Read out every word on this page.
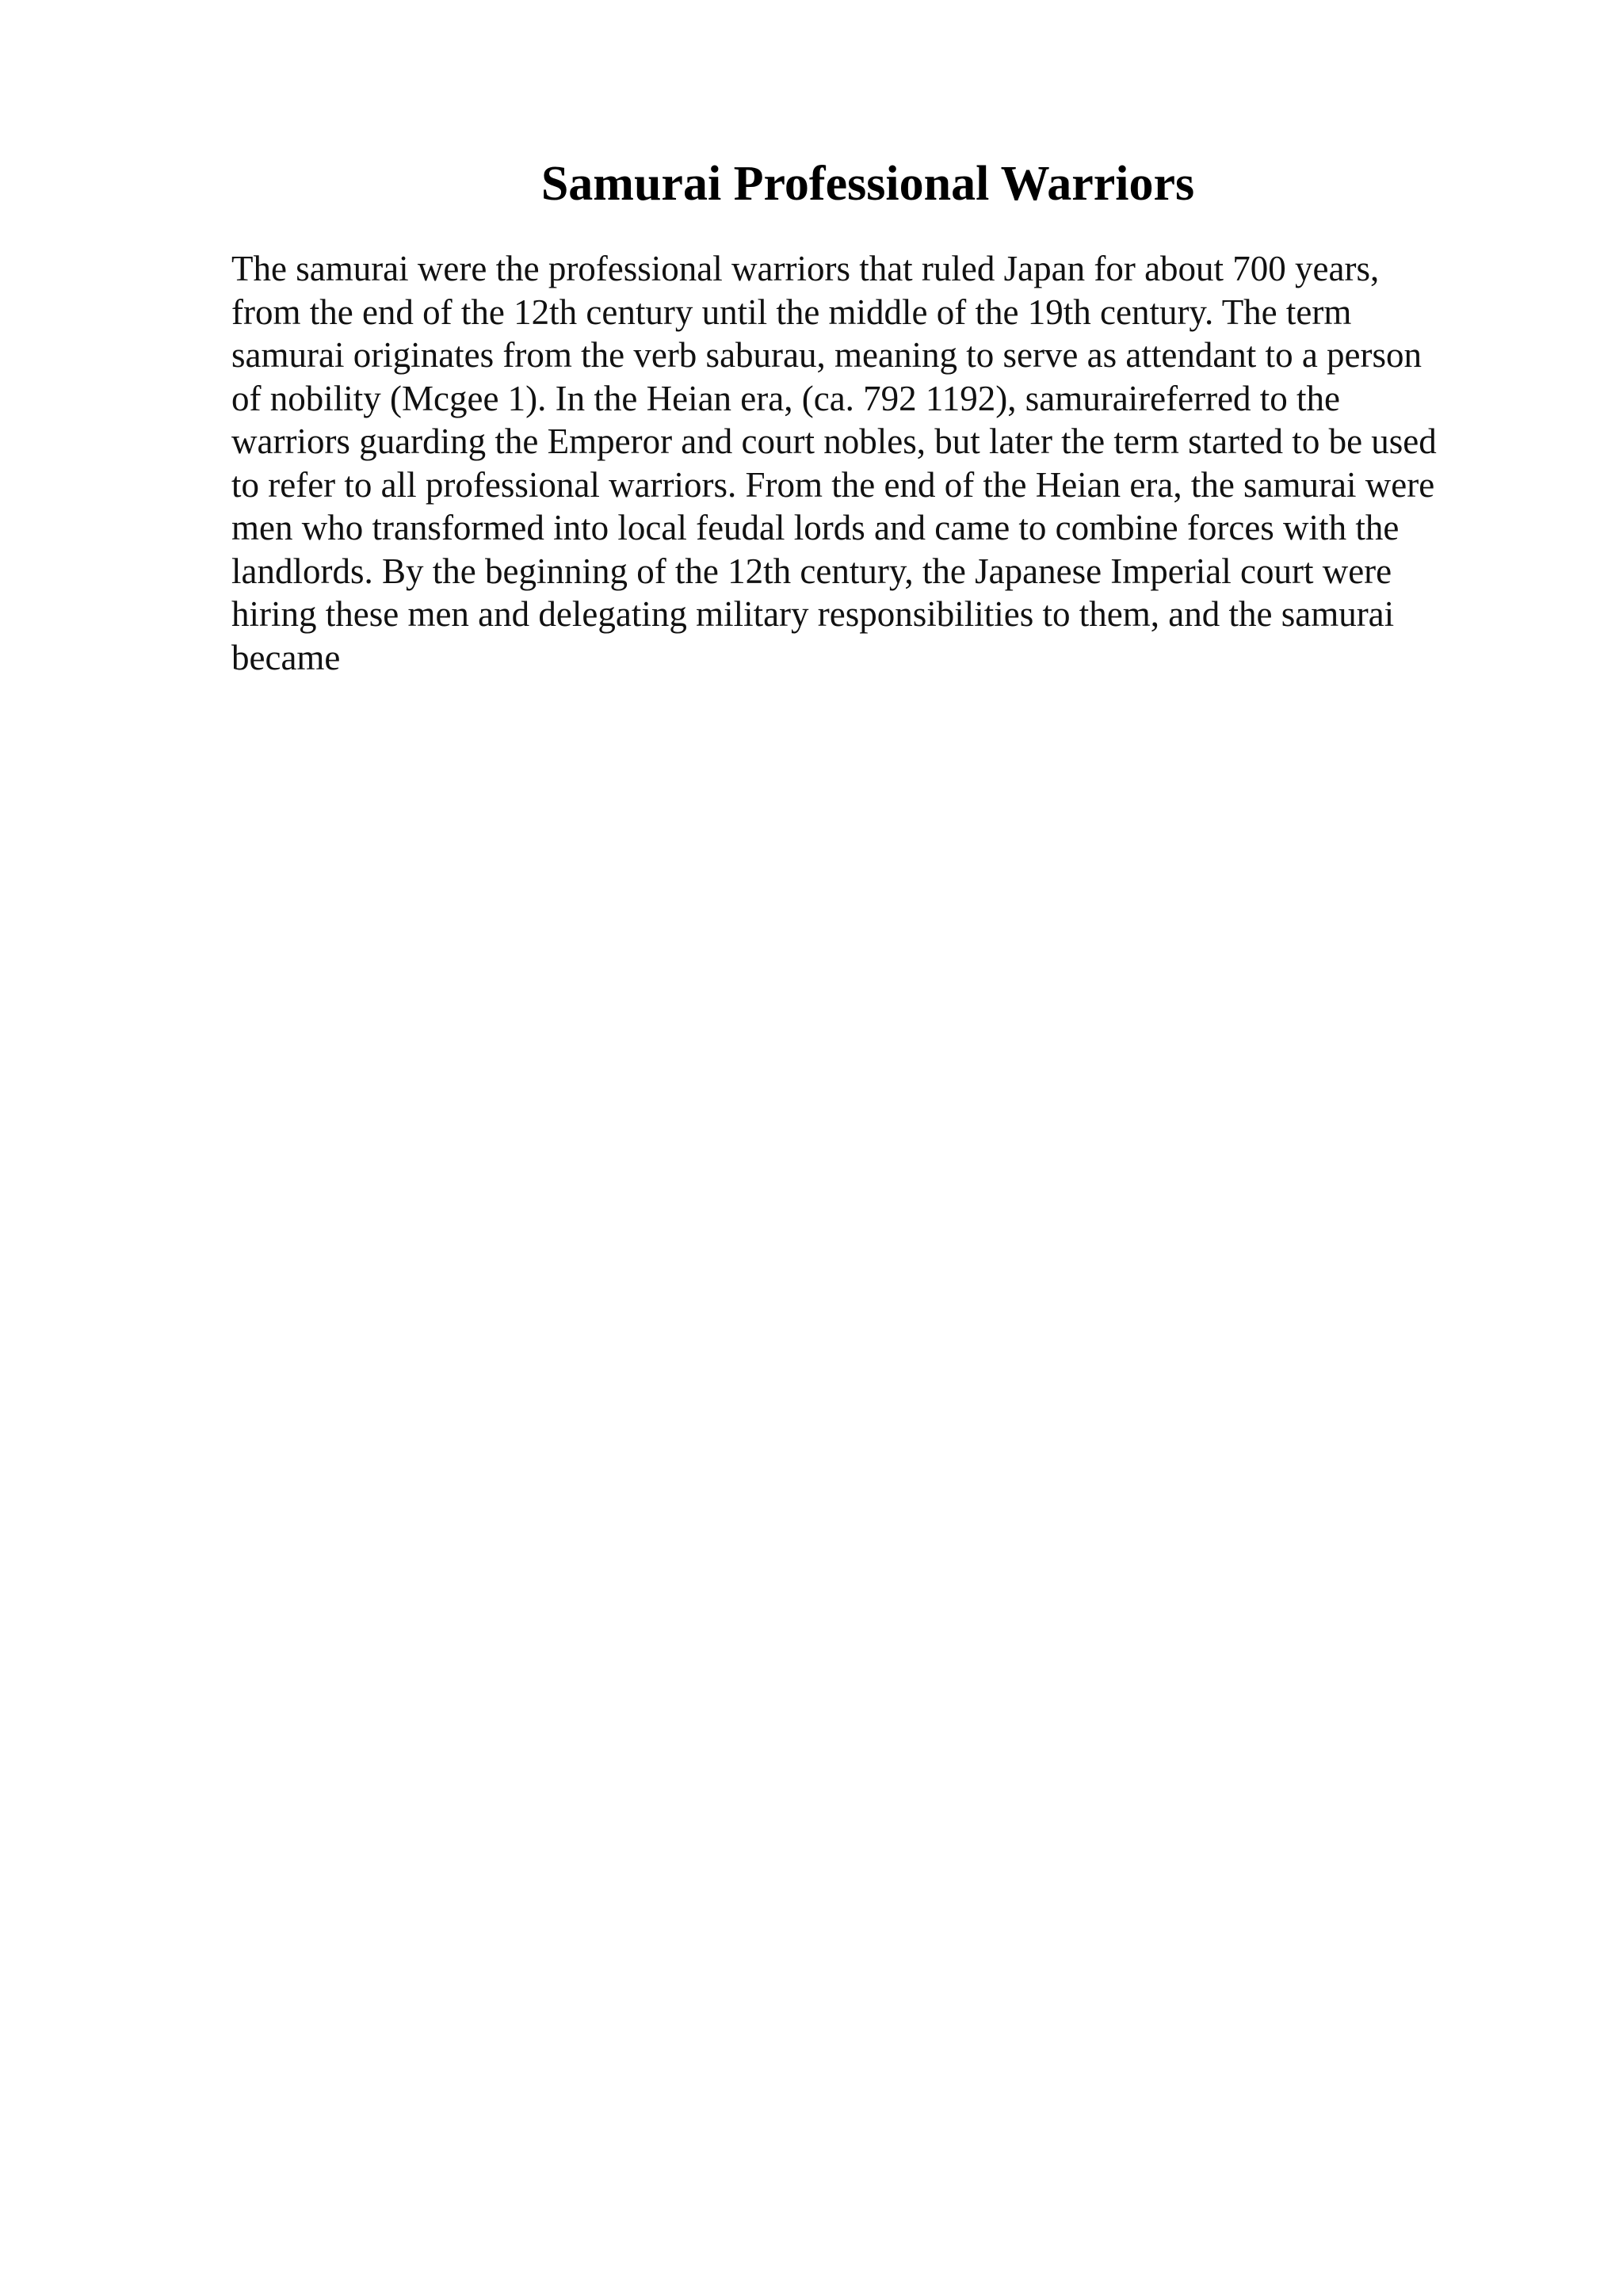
Samurai Professional Warriors

The samurai were the professional warriors that ruled Japan for about 700 years,
from the end of the 12th century until the middle of the 19th century. The term
samurai originates from the verb saburau, meaning to serve as attendant to a person
of nobility (Mcgee 1). In the Heian era, (ca. 792 1192), samuraireferred to the
warriors guarding the Emperor and court nobles, but later the term started to be used
to refer to all professional warriors. From the end of the Heian era, the samurai were
men who transformed into local feudal lords and came to combine forces with the
landlords. By the beginning of the 12th century, the Japanese Imperial court were
hiring these men and delegating military responsibilities to them, and the samurai
became
